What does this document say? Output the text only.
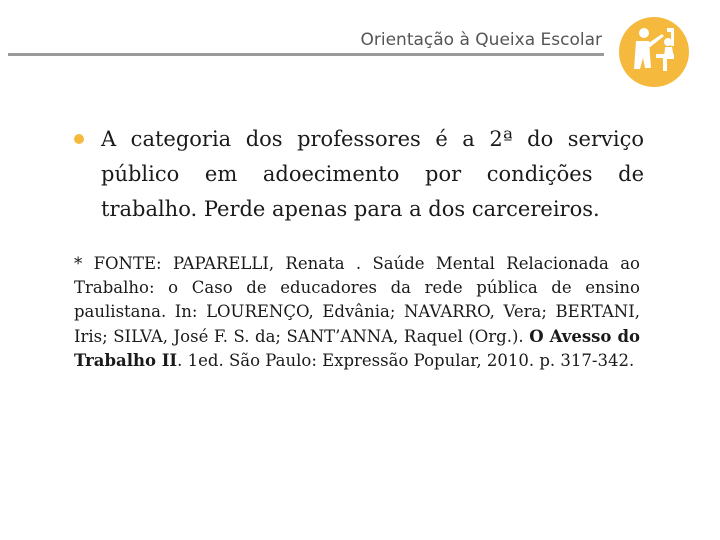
Orientação à Queixa Escolar
A categoria dos professores é a 2ª do serviço público em adoecimento por condições de trabalho. Perde apenas para a dos carcereiros.
* FONTE: PAPARELLI, Renata . Saúde Mental Relacionada ao Trabalho: o Caso de educadores da rede pública de ensino paulistana. In: LOURENÇO, Edvânia; NAVARRO, Vera; BERTANI, Iris; SILVA, José F. S. da; SANT’ANNA, Raquel (Org.). O Avesso do Trabalho II. 1ed. São Paulo: Expressão Popular, 2010. p. 317-342.
